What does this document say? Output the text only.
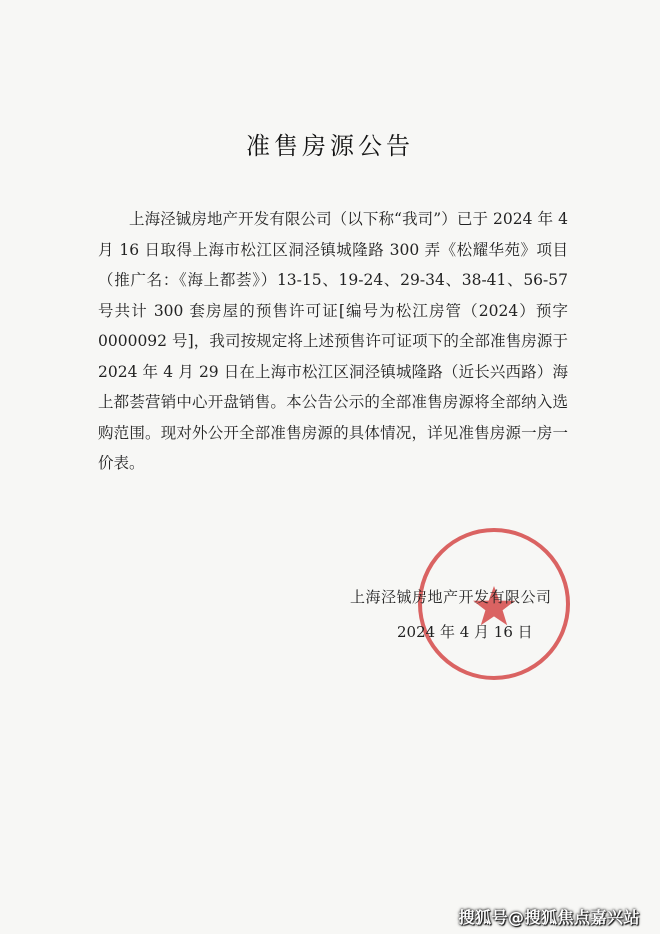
准售房源公告

上海泾铖房地产开发有限公司（以下称“我司”）已于 2024 年 4 月 16 日取得上海市松江区洞泾镇城隆路 300 弄《松耀华苑》项目（推广名：《海上都荟》）13-15、19-24、29-34、38-41、56-57 号共计 300 套房屋的预售许可证[编号为松江房管（2024）预字 0000092 号]，我司按规定将上述预售许可证项下的全部准售房源于 2024 年 4 月 29 日在上海市松江区洞泾镇城隆路（近长兴西路）海上都荟营销中心开盘销售。本公告公示的全部准售房源将全部纳入选购范围。现对外公开全部准售房源的具体情况，详见准售房源一房一价表。

上海泾铖房地产开发有限公司
2024 年 4 月 16 日
搜狐号@搜狐焦点嘉兴站
